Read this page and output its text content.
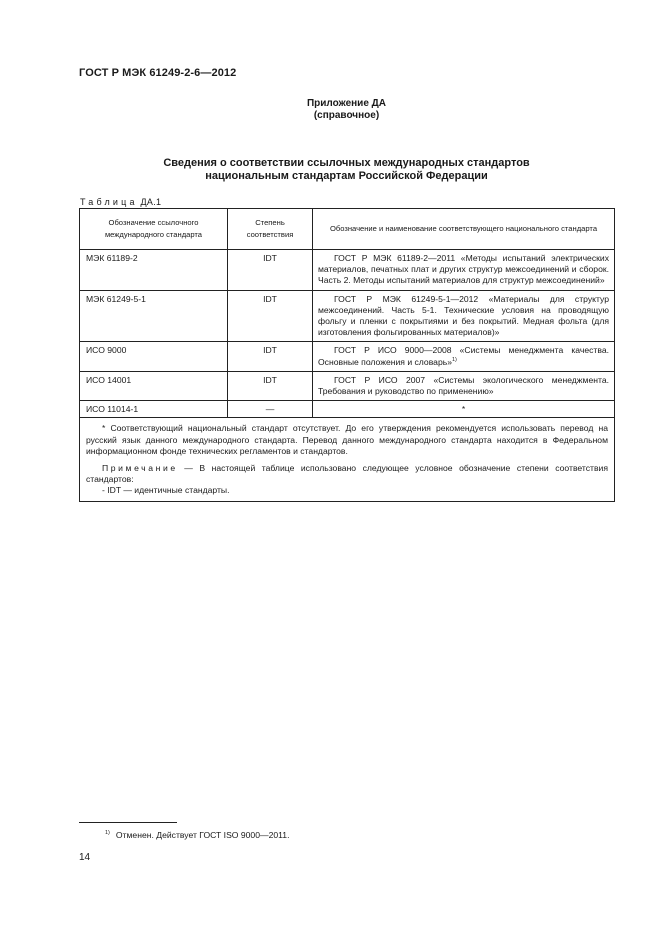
ГОСТ Р МЭК 61249-2-6—2012
Приложение ДА
(справочное)
Сведения о соответствии ссылочных международных стандартов
национальным стандартам Российской Федерации
Таблица ДА.1
Обозначение ссылочного международного стандарта	Степень соответствия	Обозначение и наименование соответствующего национального стандарта
МЭК 61189-2	IDT	ГОСТ Р МЭК 61189-2—2011 «Методы испытаний электрических материалов, печатных плат и других структур межсоединений и сборок. Часть 2. Методы испытаний материалов для структур межсоединений»
МЭК 61249-5-1	IDT	ГОСТ Р МЭК 61249-5-1—2012 «Материалы для структур межсоединений. Часть 5-1. Технические условия на проводящую фольгу и пленки с покрытиями и без покрытий. Медная фольта (для изготовления фольгированных материалов)»
ИСО 9000	IDT	ГОСТ Р ИСО 9000—2008 «Системы менеджмента качества. Основные положения и словарь»$^{1)}$
ИСО 14001	IDT	ГОСТ Р ИСО 2007 «Системы экологического менеджмента. Требования и руководство по применению»
ИСО 11014-1	—	*

* Соответствующий национальный стандарт отсутствует. До его утверждения рекомендуется использовать перевод на русский язык данного международного стандарта. Перевод данного международного стандарта находится в Федеральном информационном фонде технических регламентов и стандартов.

Примечание — В настоящей таблице использовано следующее условное обозначение степени соответствия стандартов:

- IDT — идентичные стандарты.		

$^{1)}$ Отменен. Действует ГОСТ ISO 9000—2011.
14
